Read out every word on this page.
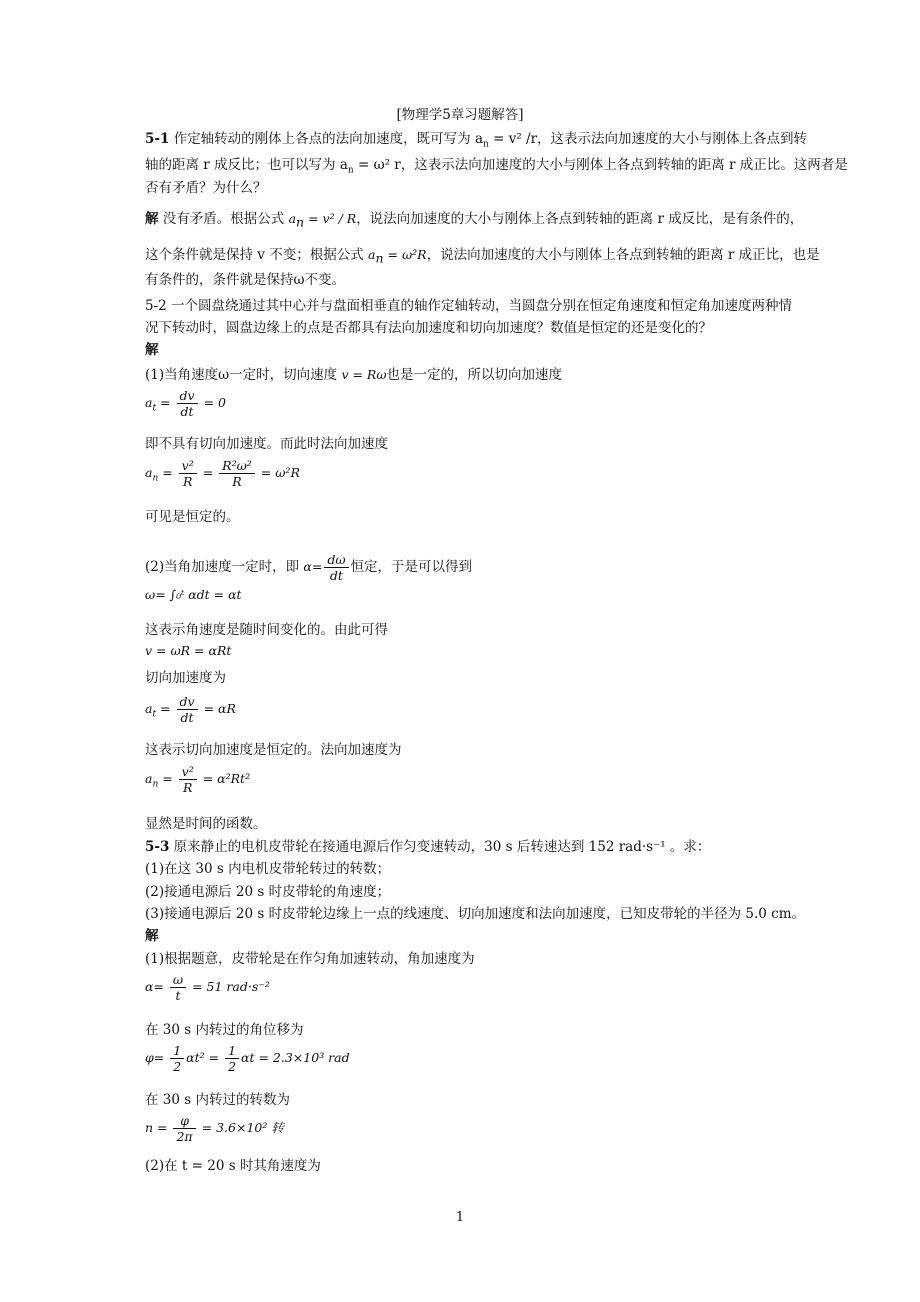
[物理学5章习题解答]
5-1 作定轴转动的刚体上各点的法向加速度，既可写为 $a_n = v^2$ /r，这表示法向加速度的大小与刚体上各点到转
轴的距离 r 成反比；也可以写为 $a_n = \omega^2$ r，这表示法向加速度的大小与刚体上各点到转轴的距离 r 成正比。这两者是
否有矛盾？为什么？
解 没有矛盾。根据公式 $a_n = v^2 / R$，说法向加速度的大小与刚体上各点到转轴的距离 r 成反比，是有条件的，
这个条件就是保持 v 不变；根据公式 $a_n = \omega^2R$，说法向加速度的大小与刚体上各点到转轴的距离 r 成正比，也是
有条件的，条件就是保持ω不变。
5-2 一个圆盘绕通过其中心并与盘面相垂直的轴作定轴转动，当圆盘分别在恒定角速度和恒定角加速度两种情
况下转动时，圆盘边缘上的点是否都具有法向加速度和切向加速度？数值是恒定的还是变化的？
解
(1)当角速度ω一定时，切向速度 v = Rω也是一定的，所以切向加速度
$a_t = \frac{dv}{dt} = 0$
即不具有切向加速度。而此时法向加速度
$a_n = \frac{\text{v²}}{R} = \frac{\text{R²ω²}}{R} = \omega^2R$
可见是恒定的。
(2)当角加速度一定时，即 $\alpha= \frac{d\omega}{dt}$ 恒定，于是可以得到
ω= ∫₀ᵗ αdt = αt
这表示角速度是随时间变化的。由此可得
v = ωR = αRt
切向加速度为
$a_t = \frac{dv}{dt} = \alpha R$
这表示切向加速度是恒定的。法向加速度为
$a_n = \frac{\text{v²}}{R} = \alpha^2Rt^2$
显然是时间的函数。
5-3 原来静止的电机皮带轮在接通电源后作匀变速转动，30 s 后转速达到 152 rad·s⁻¹ 。求：
(1)在这 30 s 内电机皮带轮转过的转数；
(2)接通电源后 20 s 时皮带轮的角速度；
(3)接通电源后 20 s 时皮带轮边缘上一点的线速度、切向加速度和法向加速度，已知皮带轮的半径为 5.0 cm。
解
(1)根据题意，皮带轮是在作匀角加速转动，角加速度为
$\alpha= \frac{\omega}{t} = 51$ rad·s⁻²
在 30 s 内转过的角位移为
$\varphi= \frac{1}{2} \alpha t^2 = \frac{1}{2}$ αt = 2.3×10³ rad
在 30 s 内转过的转数为
$n = \frac{\varphi}{2\pi} = 3.6\times 10^2$ 转
(2)在 t = 20 s 时其角速度为
1
